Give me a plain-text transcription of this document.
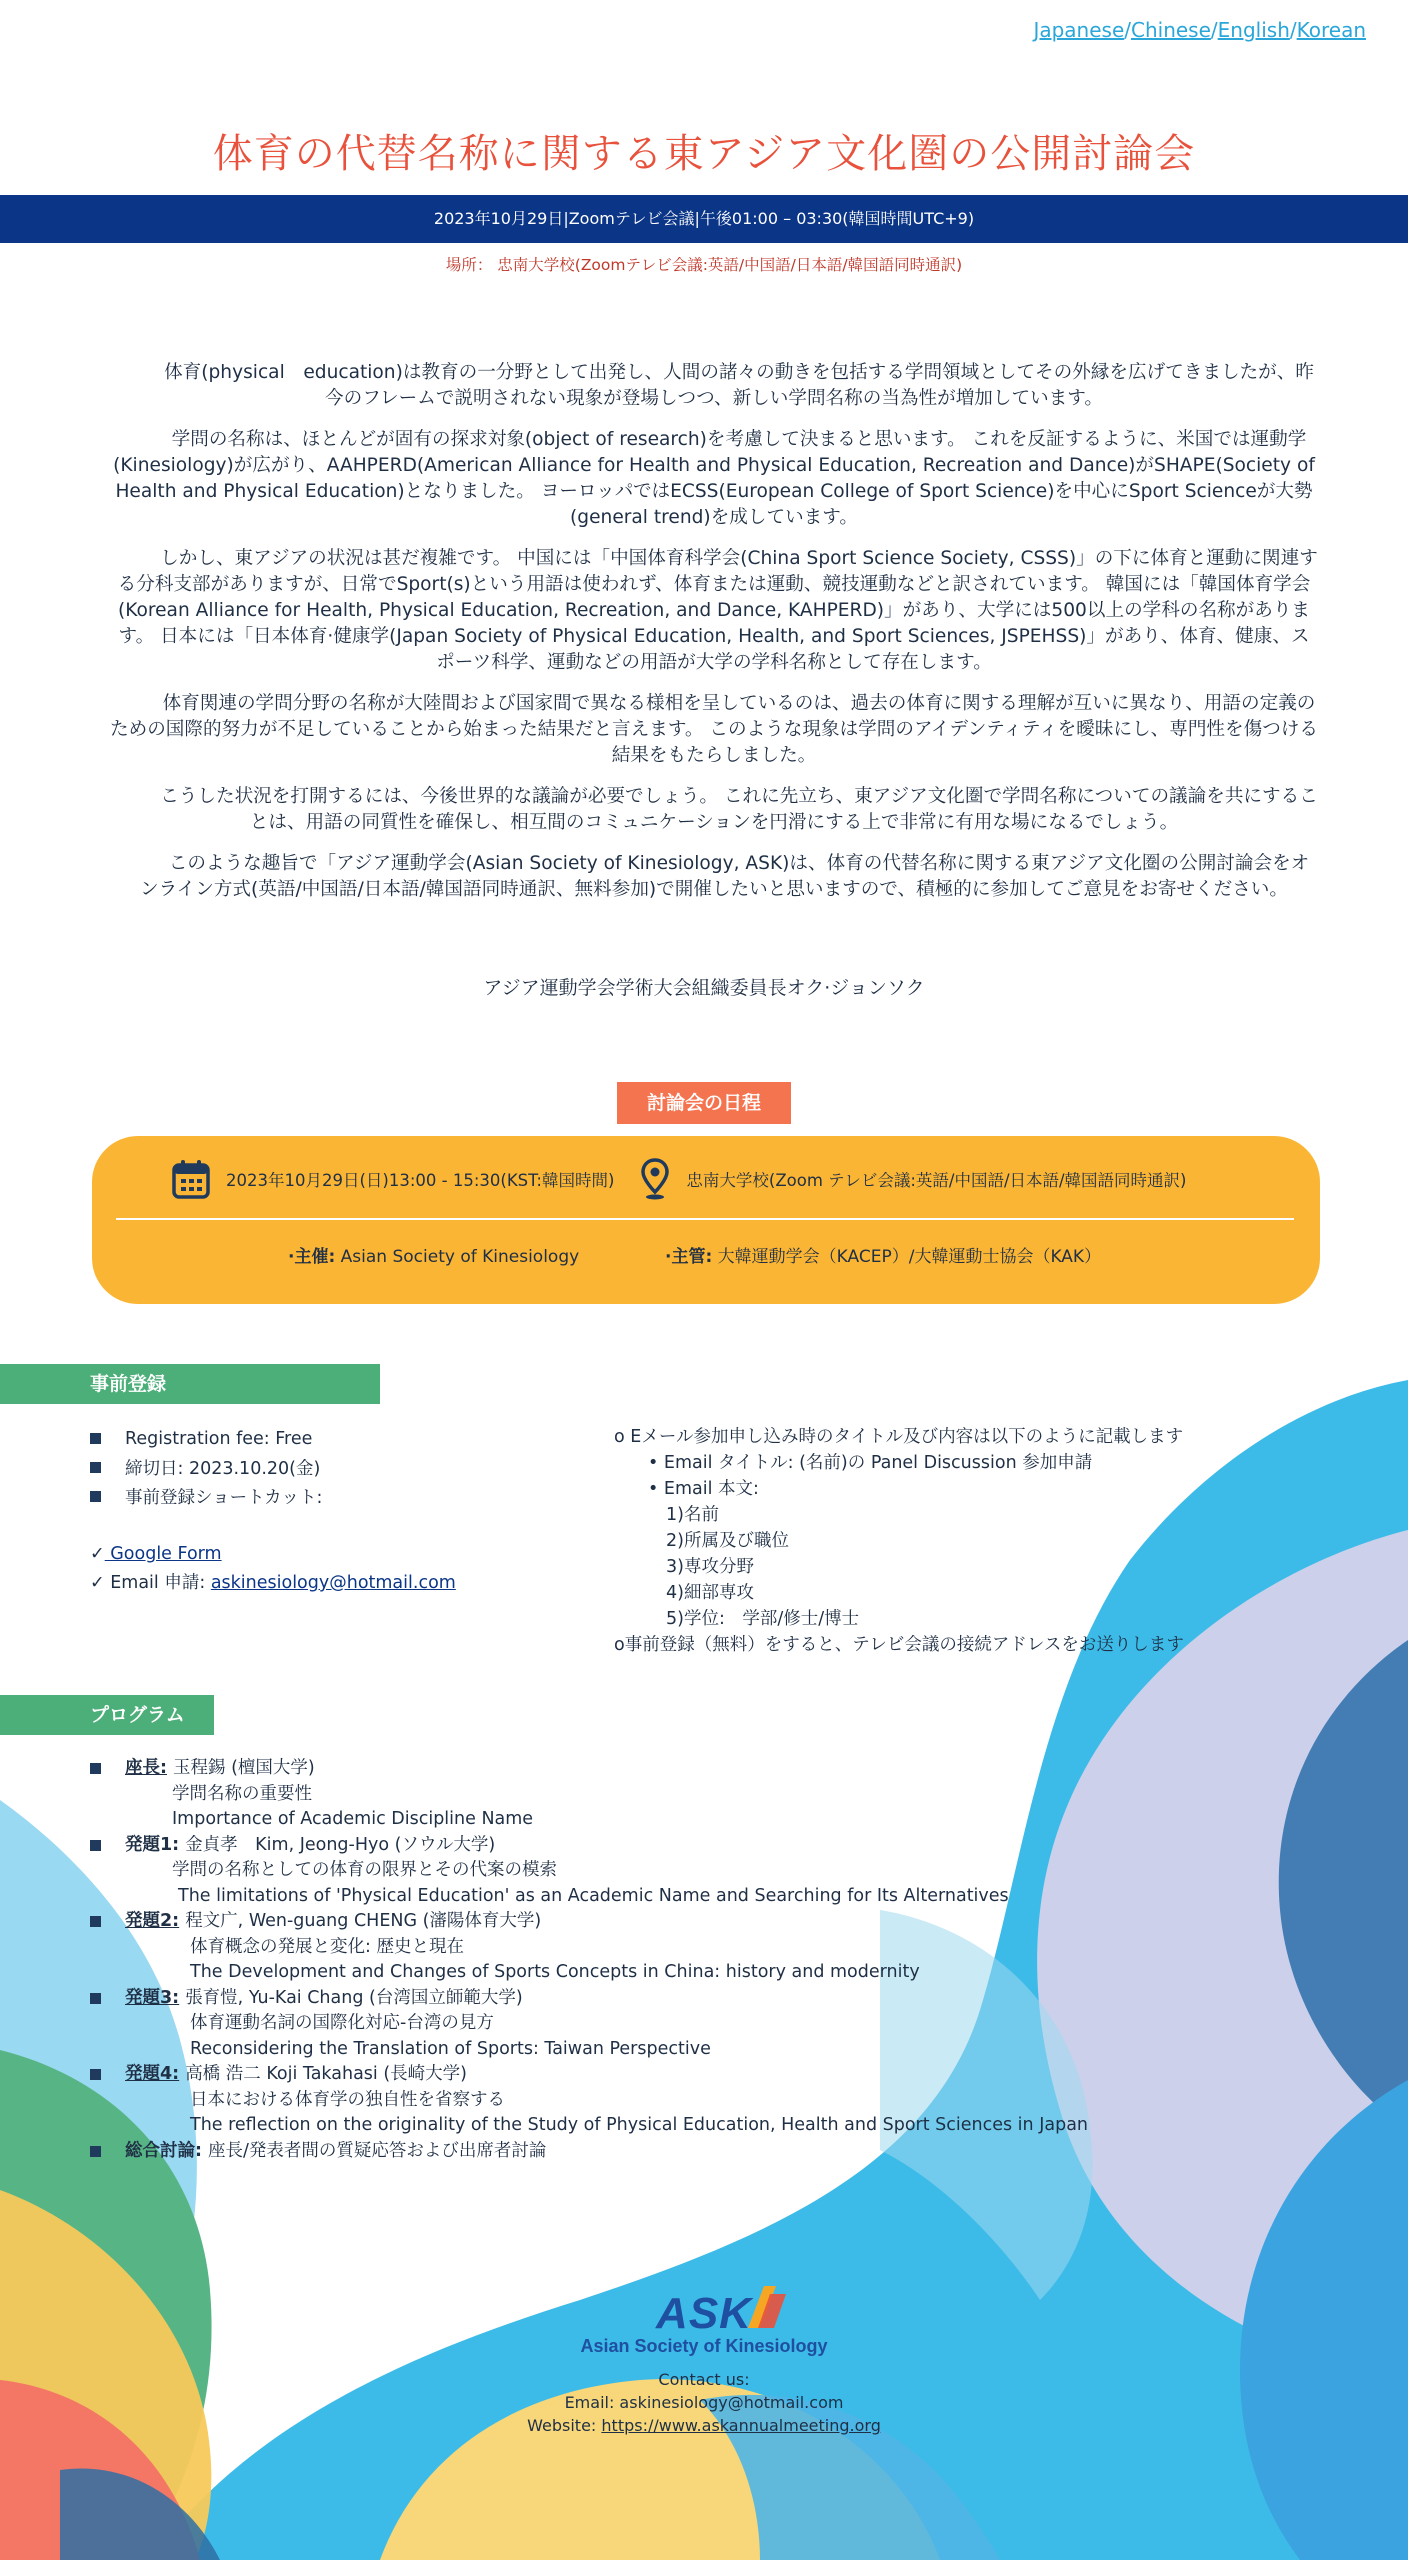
Japanese/Chinese/English/Korean
体育の代替名称に関する東アジア文化圏の公開討論会
2023年10月29日|Zoomテレビ会議|午後01:00 – 03:30(韓国時間UTC+9)
場所： 忠南大学校(Zoomテレビ会議:英語/中国語/日本語/韓国語同時通訳)

体育(physical　education)は教育の一分野として出発し、人間の諸々の動きを包括する学問領域としてその外縁を広げてきましたが、昨今のフレームで説明されない現象が登場しつつ、新しい学問名称の当為性が増加しています。

学問の名称は、ほとんどが固有の探求対象(object of research)を考慮して決まると思います。 これを反証するように、米国では運動学(Kinesiology)が広がり、AAHPERD(American Alliance for Health and Physical Education, Recreation and Dance)がSHAPE(Society of Health and Physical Education)となりました。 ヨーロッパではECSS(European College of Sport Science)を中心にSport Scienceが大勢(general trend)を成しています。

しかし、東アジアの状況は甚だ複雑です。 中国には「中国体育科学会(China Sport Science Society, CSSS)」の下に体育と運動に関連する分科支部がありますが、日常でSport(s)という用語は使われず、体育または運動、競技運動などと訳されています。 韓国には「韓国体育学会(Korean Alliance for Health, Physical Education, Recreation, and Dance, KAHPERD)」があり、大学には500以上の学科の名称があります。 日本には「日本体育·健康学(Japan Society of Physical Education, Health, and Sport Sciences, JSPEHSS)」があり、体育、健康、スポーツ科学、運動などの用語が大学の学科名称として存在します。

体育関連の学問分野の名称が大陸間および国家間で異なる様相を呈しているのは、過去の体育に関する理解が互いに異なり、用語の定義のための国際的努力が不足していることから始まった結果だと言えます。 このような現象は学問のアイデンティティを曖昧にし、専門性を傷つける結果をもたらしました。

こうした状況を打開するには、今後世界的な議論が必要でしょう。 これに先立ち、東アジア文化圏で学問名称についての議論を共にすることは、用語の同質性を確保し、相互間のコミュニケーションを円滑にする上で非常に有用な場になるでしょう。

このような趣旨で「アジア運動学会(Asian Society of Kinesiology, ASK)は、体育の代替名称に関する東アジア文化圏の公開討論会をオンライン方式(英語/中国語/日本語/韓国語同時通訳、無料参加)で開催したいと思いますので、積極的に参加してご意見をお寄せください。

アジア運動学会学術大会組織委員長オク·ジョンソク
討論会の日程
2023年10月29日(日)13:00 - 15:30(KST:韓国時間)	忠南大学校(Zoom テレビ会議:英語/中国語/日本語/韓国語同時通訳)
·主催: Asian Society of Kinesiology	·主管: 大韓運動学会（KACEP）/大韓運動士協会（KAK）
事前登録
Registration fee: Free
締切日: 2023.10.20(金)
事前登録ショートカット:
✓ Google Form
✓ Email 申請: askinesiology@hotmail.com
o Eメール参加申し込み時のタイトル及び内容は以下のように記載します
• Email タイトル: (名前)の Panel Discussion 参加申請
• Email 本文:
1)名前
2)所属及び職位
3)専攻分野
4)細部専攻
5)学位:　学部/修士/博士
o事前登録（無料）をすると、テレビ会議の接続アドレスをお送りします
プログラム
座長: 玉程錫 (檀国大学)
学問名称の重要性
Importance of Academic Discipline Name
発題1: 金貞孝　Kim, Jeong-Hyo (ソウル大学)
学問の名称としての体育の限界とその代案の模索
The limitations of 'Physical Education' as an Academic Name and Searching for Its Alternatives
発題2: 程文广, Wen-guang CHENG (瀋陽体育大学)
体育概念の発展と変化: 歴史と現在
The Development and Changes of Sports Concepts in China: history and modernity
発題3: 張育愷, Yu-Kai Chang (台湾国立師範大学)
体育運動名詞の国際化対応-台湾の見方
Reconsidering the Translation of Sports: Taiwan Perspective
発題4: 高橋 浩二 Koji Takahasi (長崎大学)
日本における体育学の独自性を省察する
The reflection on the originality of the Study of Physical Education, Health and Sport Sciences in Japan
総合討論: 座長/発表者間の質疑応答および出席者討論
ASK
Asian Society of Kinesiology
Contact us:
Email: askinesiology@hotmail.com
Website: https://www.askannualmeeting.org
